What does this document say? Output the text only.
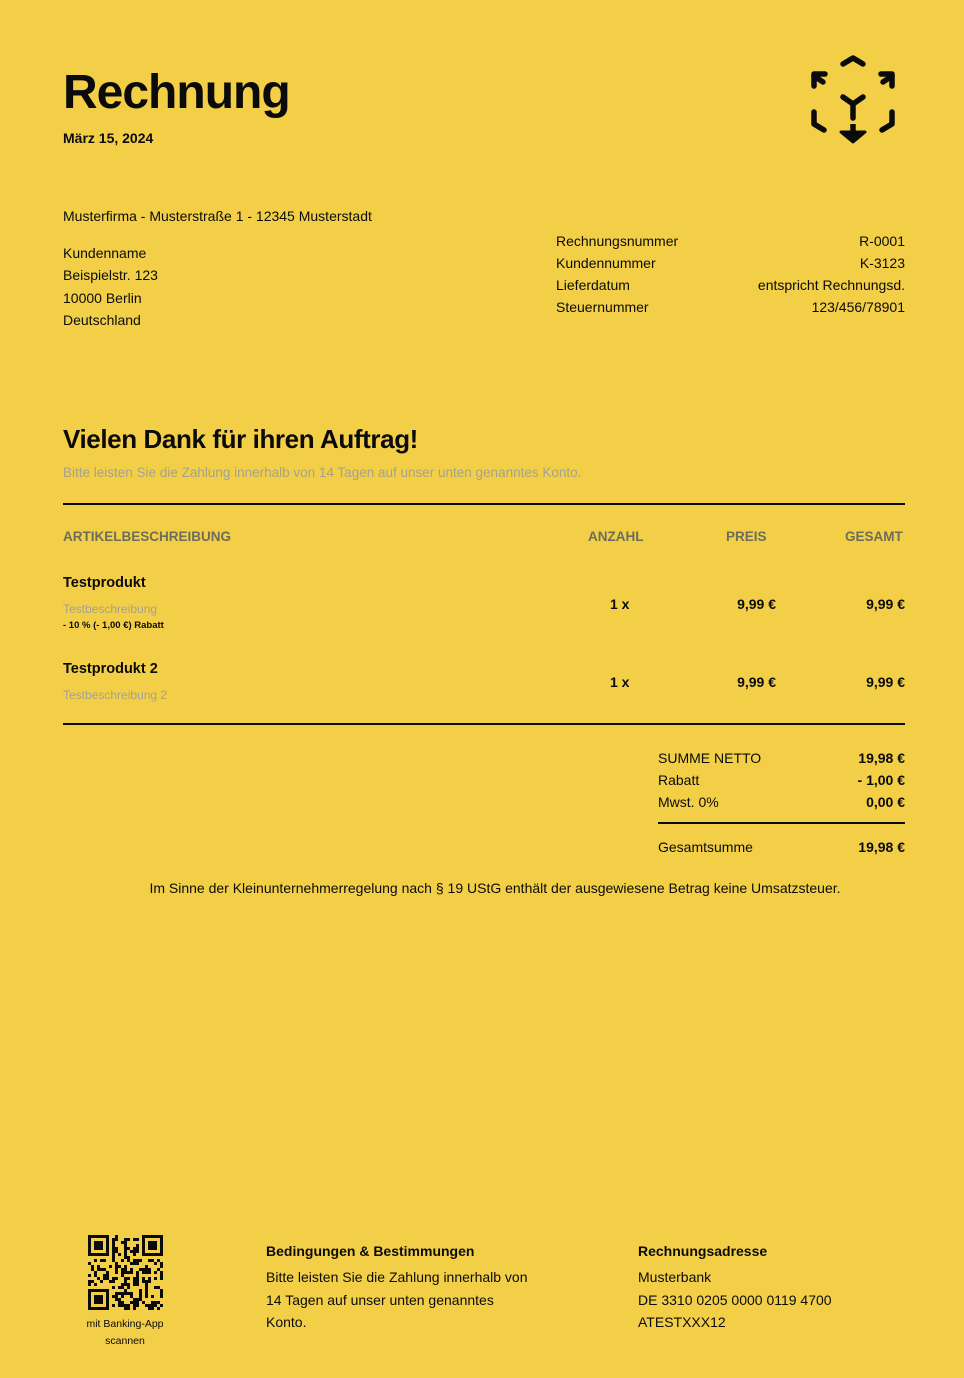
Rechnung
März 15, 2024
Musterfirma - Musterstraße 1 - 12345 Musterstadt
Kundenname
Beispielstr. 123
10000 Berlin
Deutschland
Rechnungsnummer	R-0001
Kundennummer	K-3123
Lieferdatum	entspricht Rechnungsd.
Steuernummer	123/456/78901
Vielen Dank für ihren Auftrag!
Bitte leisten Sie die Zahlung innerhalb von 14 Tagen auf unser unten genanntes Konto.
ARTIKELBESCHREIBUNG	ANZAHL	PREIS	GESAMT
Testprodukt
Testbeschreibung
- 10 % (- 1,00 €) Rabatt
1 x	9,99 €	9,99 €
Testprodukt 2
Testbeschreibung 2
1 x	9,99 €	9,99 €
SUMME NETTO	19,98 €
Rabatt	- 1,00 €
Mwst. 0%	0,00 €
Gesamtsumme	19,98 €
Im Sinne der Kleinunternehmerregelung nach § 19 UStG enthält der ausgewiesene Betrag keine Umsatzsteuer.
mit Banking-App
scannen
Bedingungen & Bestimmungen
Bitte leisten Sie die Zahlung innerhalb von
14 Tagen auf unser unten genanntes
Konto.
Rechnungsadresse
Musterbank
DE 3310 0205 0000 0119 4700
ATESTXXX12
